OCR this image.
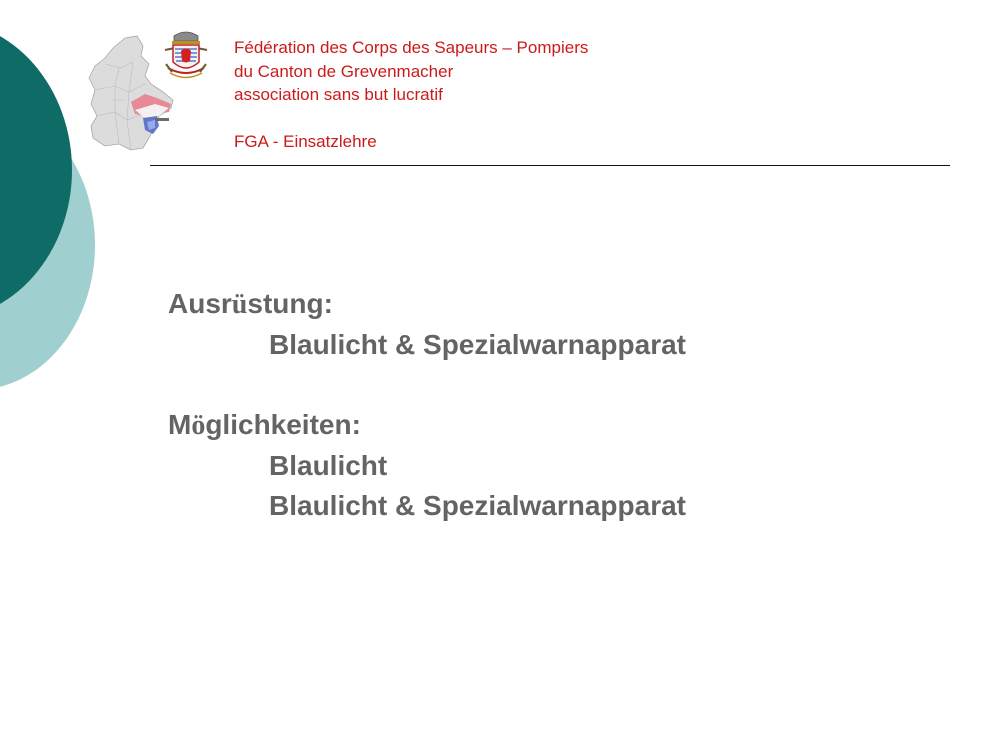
Fédération des Corps des Sapeurs – Pompiers
du Canton de Grevenmacher
association sans but lucratif
FGA - Einsatzlehre
Ausrüstung:
Blaulicht & Spezialwarnapparat
Möglichkeiten:
Blaulicht
Blaulicht & Spezialwarnapparat
